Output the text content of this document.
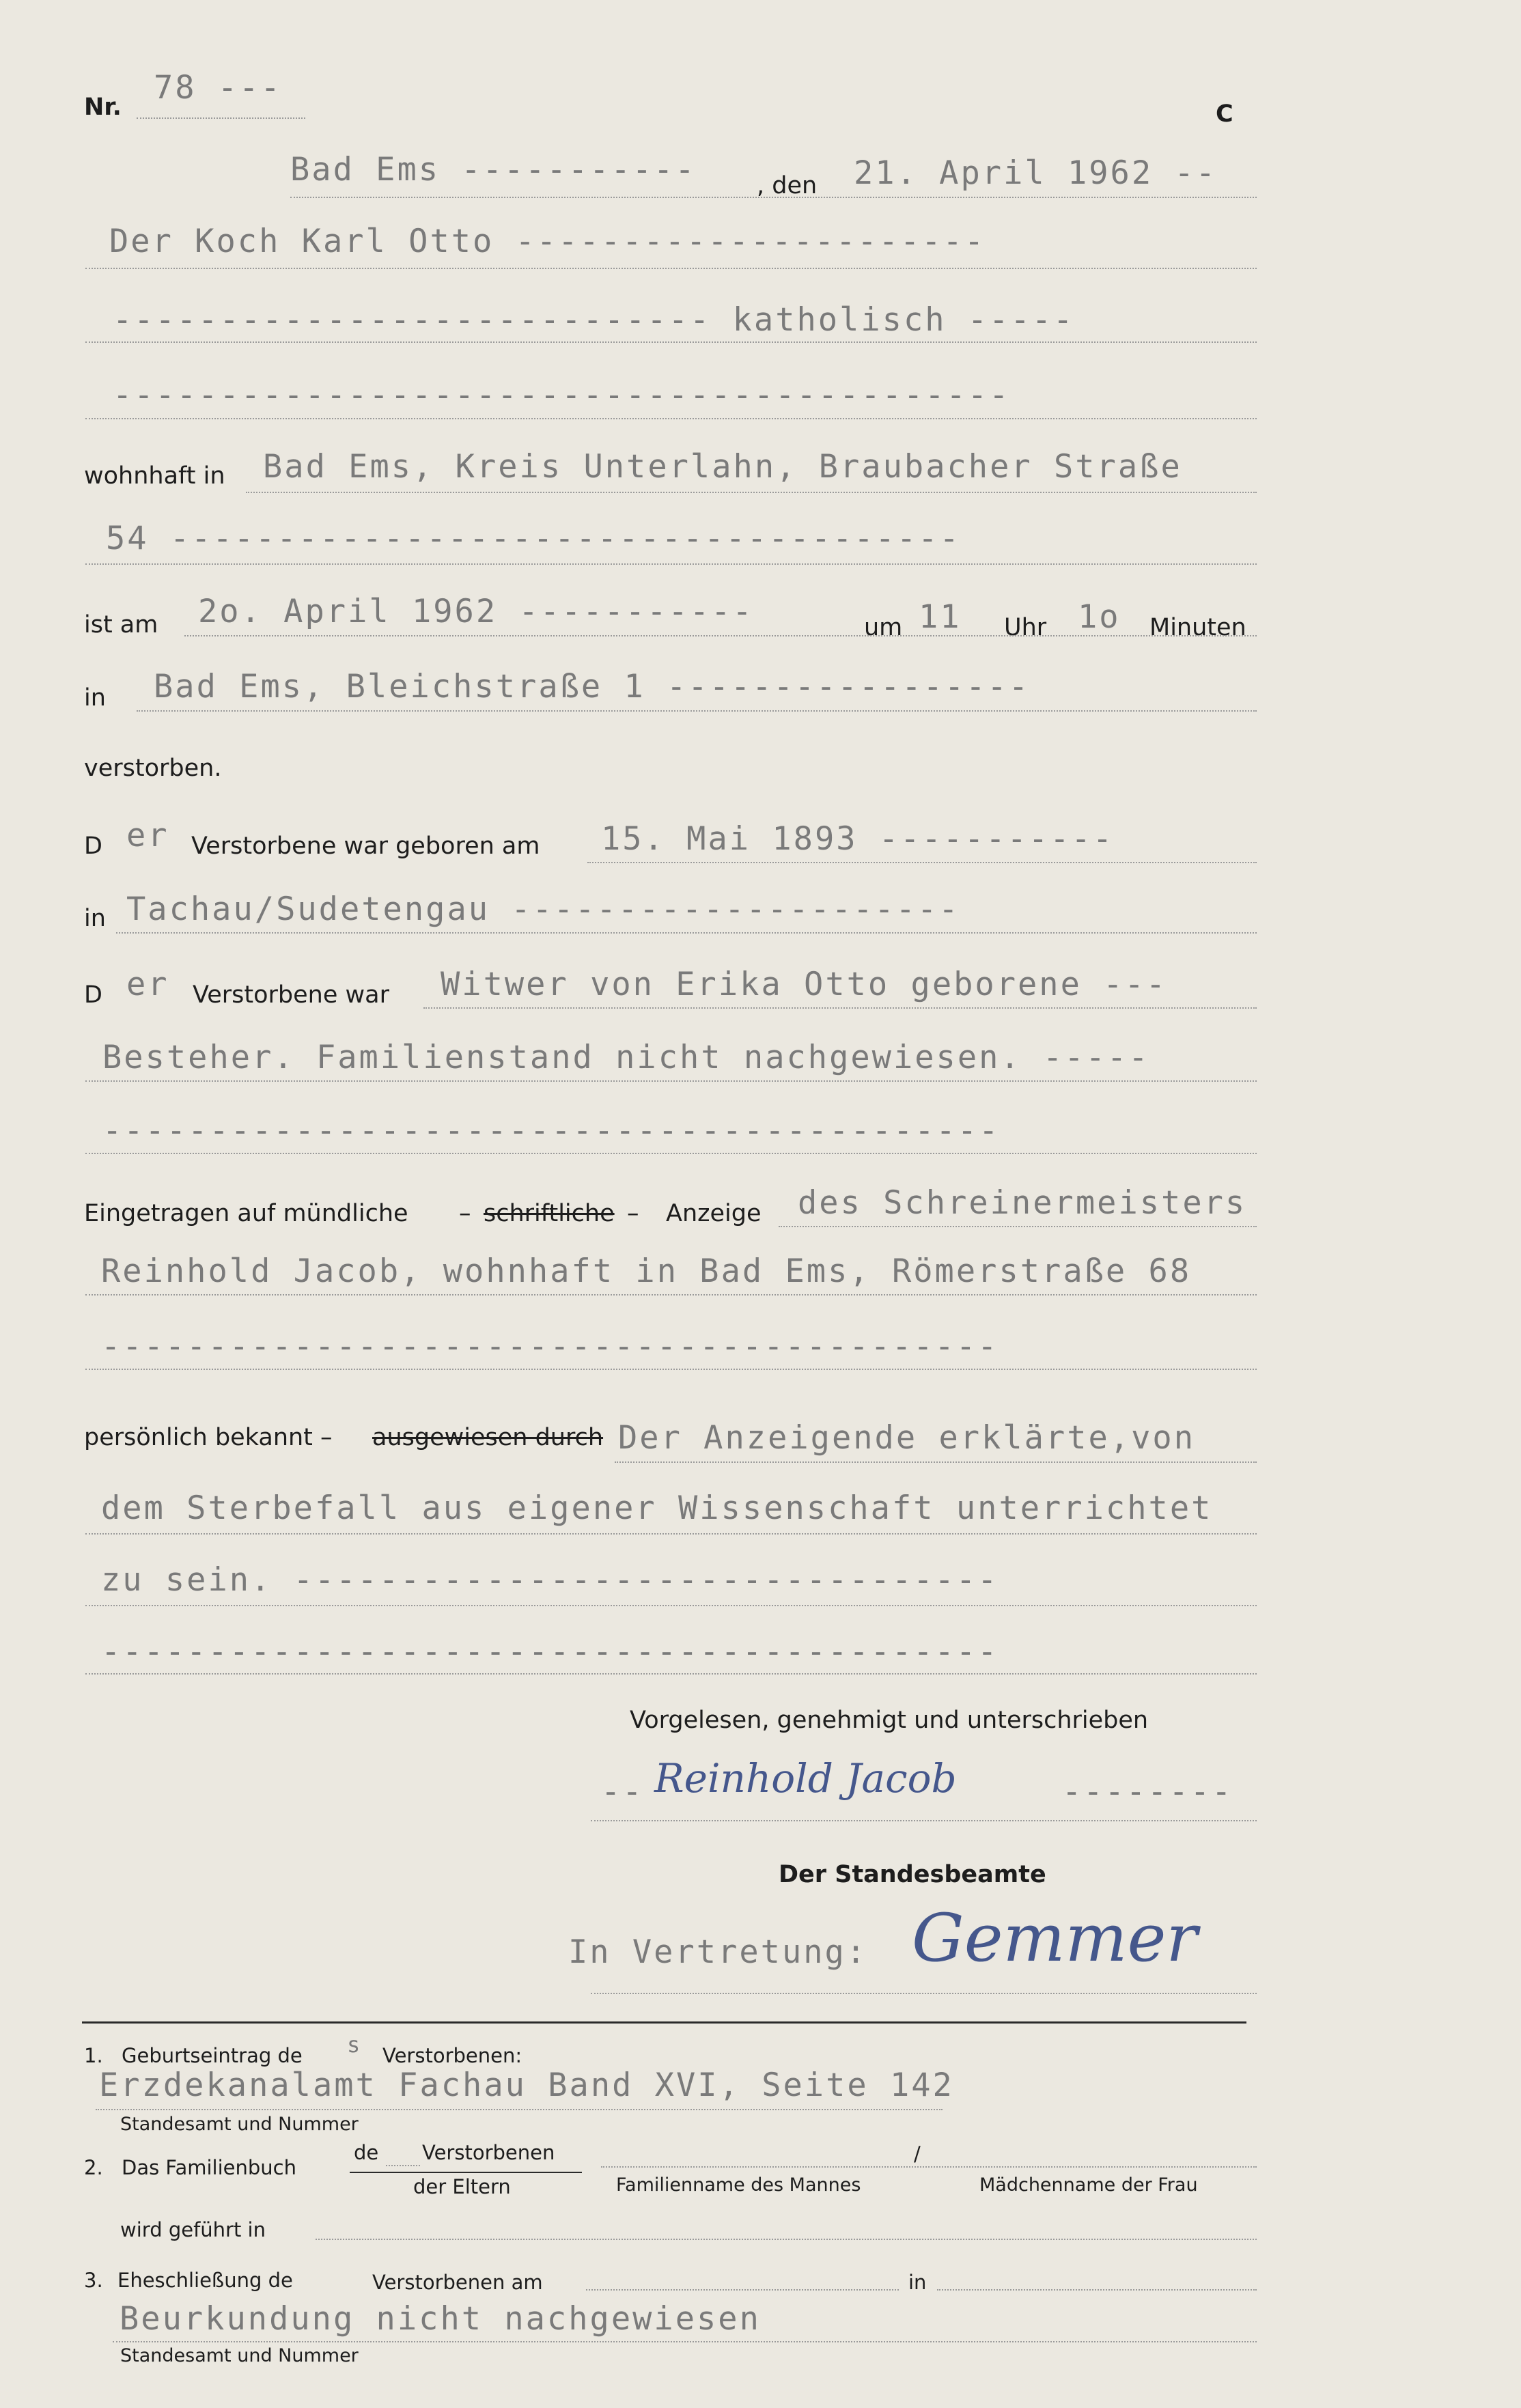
Nr.
78 ---
C
Bad Ems -----------	, den 21. April 1962 --
Der Koch Karl Otto ----------------------
---------------------------- katholisch -----
------------------------------------------
wohnhaft in Bad Ems, Kreis Unterlahn, Braubacher Straße
54 -------------------------------------
ist am 2o. April 1962 -----------	um 11 Uhr 1o Minuten
in Bad Ems, Bleichstraße 1 -----------------
verstorben.
D er Verstorbene war geboren am 15. Mai 1893 -----------
in Tachau/Sudetengau ---------------------
D er Verstorbene war Witwer von Erika Otto geborene ---
Besteher. Familienstand nicht nachgewiesen. -----
------------------------------------------
Eingetragen auf mündliche – schriftliche – Anzeige des Schreinermeisters
Reinhold Jacob, wohnhaft in Bad Ems, Römerstraße 68
------------------------------------------
persönlich bekannt – ausgewiesen durch Der Anzeigende erklärte,von
dem Sterbefall aus eigener Wissenschaft unterrichtet
zu sein. ---------------------------------
------------------------------------------
Vorgelesen, genehmigt und unterschrieben
-- Reinhold Jacob	--------
Der Standesbeamte
In Vertretung: Gemmer
1. Geburtseintrag de s Verstorbenen:
Erzdekanalamt Fachau Band XVI, Seite 142
Standesamt und Nummer
2. Das Familienbuch
de Verstorbenen
der Eltern	Familienname des Mannes
/
Mädchenname der Frau
wird geführt in
3. Eheschließung de	Verstorbenen am	in
Beurkundung nicht nachgewiesen
Standesamt und Nummer
